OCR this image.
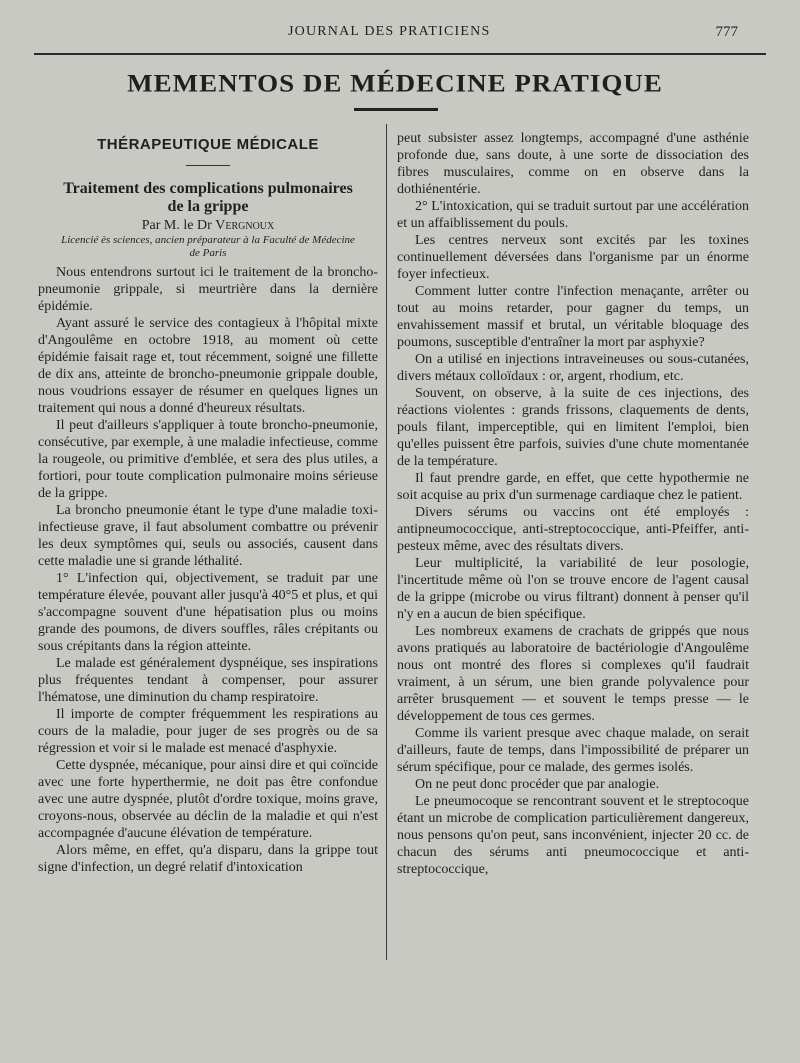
JOURNAL DES PRATICIENS	777
MEMENTOS DE MÉDECINE PRATIQUE
THÉRAPEUTIQUE MÉDICALE
Traitement des complications pulmonaires
de la grippe
Par M. le Dr Vergnoux
Licencié ès sciences, ancien préparateur à la Faculté de Médecine
de Paris

Nous entendrons surtout ici le traitement de la broncho-pneumonie grippale, si meurtrière dans la dernière épidémie.

Ayant assuré le service des contagieux à l'hôpital mixte d'Angoulême en octobre 1918, au moment où cette épidémie faisait rage et, tout récemment, soigné une fillette de dix ans, atteinte de broncho-pneumonie grippale double, nous voudrions essayer de résumer en quelques lignes un traitement qui nous a donné d'heureux résultats.

Il peut d'ailleurs s'appliquer à toute broncho-pneumonie, consécutive, par exemple, à une maladie infectieuse, comme la rougeole, ou primitive d'emblée, et sera des plus utiles, a fortiori, pour toute complication pulmonaire moins sérieuse de la grippe.

La broncho pneumonie étant le type d'une maladie toxi-infectieuse grave, il faut absolument combattre ou prévenir les deux symptômes qui, seuls ou associés, causent dans cette maladie une si grande léthalité.

1° L'infection qui, objectivement, se traduit par une température élevée, pouvant aller jusqu'à 40°5 et plus, et qui s'accompagne souvent d'une hépatisation plus ou moins grande des poumons, de divers souffles, râles crépitants ou sous crépitants dans la région atteinte.

Le malade est généralement dyspnéique, ses inspirations plus fréquentes tendant à compenser, pour assurer l'hématose, une diminution du champ respiratoire.

Il importe de compter fréquemment les respirations au cours de la maladie, pour juger de ses progrès ou de sa régression et voir si le malade est menacé d'asphyxie.

Cette dyspnée, mécanique, pour ainsi dire et qui coïncide avec une forte hyperthermie, ne doit pas être confondue avec une autre dyspnée, plutôt d'ordre toxique, moins grave, croyons-nous, observée au déclin de la maladie et qui n'est accompagnée d'aucune élévation de température.

Alors même, en effet, qu'a disparu, dans la grippe tout signe d'infection, un degré relatif d'intoxication

peut subsister assez longtemps, accompagné d'une asthénie profonde due, sans doute, à une sorte de dissociation des fibres musculaires, comme on en observe dans la dothiénentérie.

2° L'intoxication, qui se traduit surtout par une accélération et un affaiblissement du pouls.

Les centres nerveux sont excités par les toxines continuellement déversées dans l'organisme par un énorme foyer infectieux.

Comment lutter contre l'infection menaçante, arrêter ou tout au moins retarder, pour gagner du temps, un envahissement massif et brutal, un véritable bloquage des poumons, susceptible d'entraîner la mort par asphyxie?

On a utilisé en injections intraveineuses ou sous-cutanées, divers métaux colloïdaux : or, argent, rhodium, etc.

Souvent, on observe, à la suite de ces injections, des réactions violentes : grands frissons, claquements de dents, pouls filant, imperceptible, qui en limitent l'emploi, bien qu'elles puissent être parfois, suivies d'une chute momentanée de la température.

Il faut prendre garde, en effet, que cette hypothermie ne soit acquise au prix d'un surmenage cardiaque chez le patient.

Divers sérums ou vaccins ont été employés : antipneumococcique, anti-streptococcique, anti-Pfeiffer, anti-pesteux même, avec des résultats divers.

Leur multiplicité, la variabilité de leur posologie, l'incertitude même où l'on se trouve encore de l'agent causal de la grippe (microbe ou virus filtrant) donnent à penser qu'il n'y en a aucun de bien spécifique.

Les nombreux examens de crachats de grippés que nous avons pratiqués au laboratoire de bactériologie d'Angoulême nous ont montré des flores si complexes qu'il faudrait vraiment, à un sérum, une bien grande polyvalence pour arrêter brusquement — et souvent le temps presse — le développement de tous ces germes.

Comme ils varient presque avec chaque malade, on serait d'ailleurs, faute de temps, dans l'impossibilité de préparer un sérum spécifique, pour ce malade, des germes isolés.

On ne peut donc procéder que par analogie.

Le pneumocoque se rencontrant souvent et le streptocoque étant un microbe de complication particulièrement dangereux, nous pensons qu'on peut, sans inconvénient, injecter 20 cc. de chacun des sérums anti pneumococcique et anti-streptococcique,
